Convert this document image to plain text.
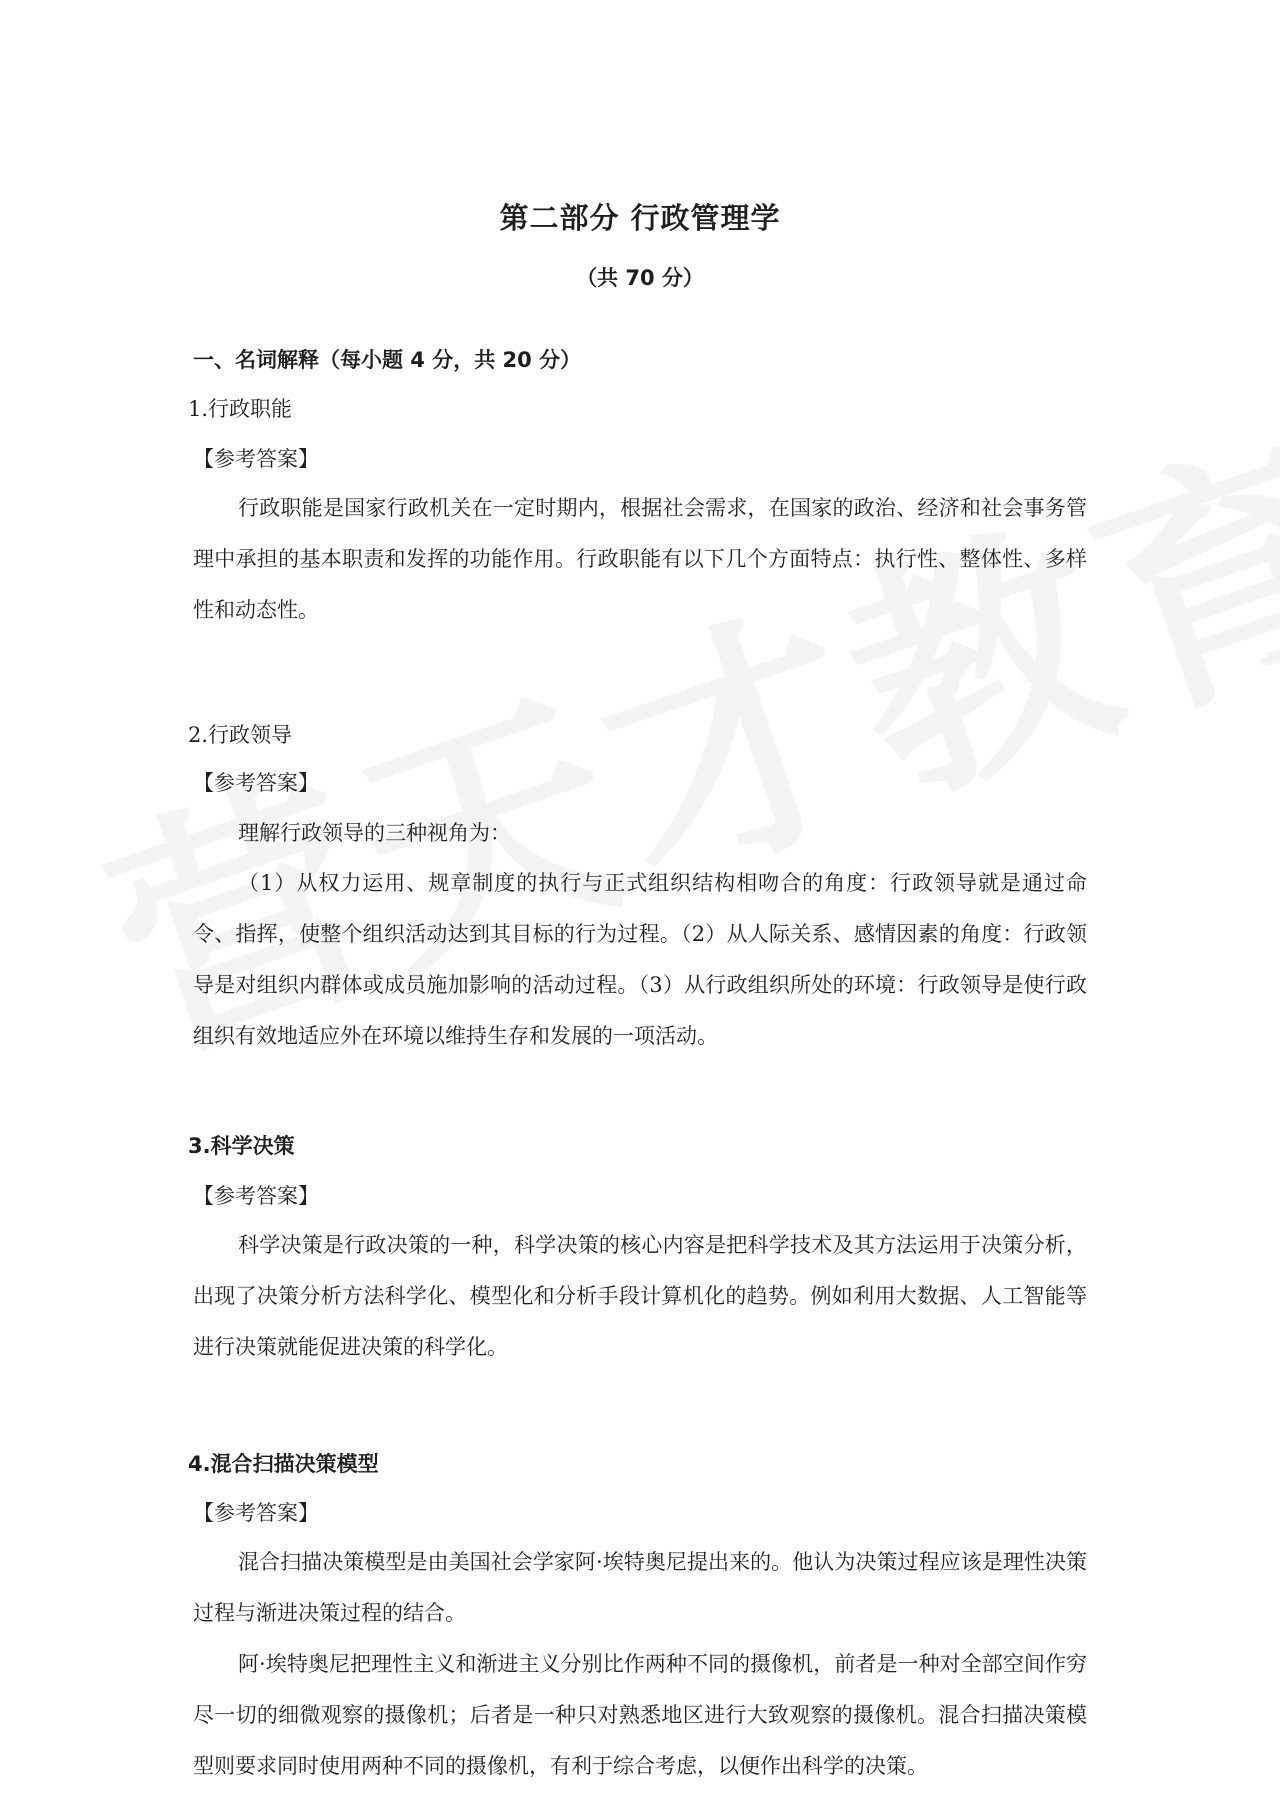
第二部分 行政管理学
（共 70 分）
一、名词解释（每小题 4 分，共 20 分）
1.行政职能
【参考答案】

行政职能是国家行政机关在一定时期内，根据社会需求，在国家的政治、经济和社会事务管理中承担的基本职责和发挥的功能作用。行政职能有以下几个方面特点：执行性、整体性、多样性和动态性。

2.行政领导
【参考答案】

理解行政领导的三种视角为：

（1）从权力运用、规章制度的执行与正式组织结构相吻合的角度：行政领导就是通过命令、指挥，使整个组织活动达到其目标的行为过程。（2）从人际关系、感情因素的角度：行政领导是对组织内群体或成员施加影响的活动过程。（3）从行政组织所处的环境：行政领导是使行政组织有效地适应外在环境以维持生存和发展的一项活动。

3.科学决策
【参考答案】

科学决策是行政决策的一种，科学决策的核心内容是把科学技术及其方法运用于决策分析，出现了决策分析方法科学化、模型化和分析手段计算机化的趋势。例如利用大数据、人工智能等进行决策就能促进决策的科学化。

4.混合扫描决策模型
【参考答案】

混合扫描决策模型是由美国社会学家阿·埃特奥尼提出来的。他认为决策过程应该是理性决策过程与渐进决策过程的结合。

阿·埃特奥尼把理性主义和渐进主义分别比作两种不同的摄像机，前者是一种对全部空间作穷尽一切的细微观察的摄像机；后者是一种只对熟悉地区进行大致观察的摄像机。混合扫描决策模型则要求同时使用两种不同的摄像机，有利于综合考虑，以便作出科学的决策。
